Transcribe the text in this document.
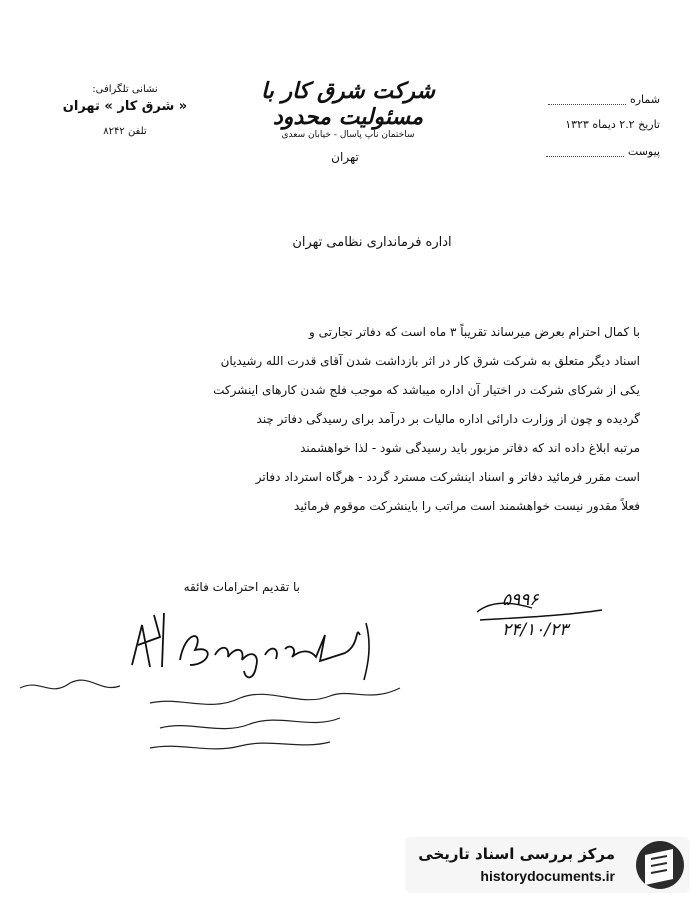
شرکت شرق کار با مسئولیت محدود
ساختمان ناپ پاسال - خیابان سعدی
تهران
نشانی تلگرافی:
« شرق کار » تهران
تلفن ۸۲۴۲
شماره
تاریخ ۲.۲ دیماه ۱۳۲۳
پیوست
اداره فرمانداری نظامی تهران
با کمال احترام بعرض میرساند تقریباً ۳ ماه است که دفاتر تجارتی و
اسناد دیگر متعلق به شرکت شرق کار در اثر بازداشت شدن آقای قدرت الله رشیدیان
یکی از شرکای شرکت در اختیار آن اداره میباشد که موجب فلج شدن کارهای اینشرکت
گردیده و چون از وزارت دارائی اداره مالیات بر درآمد برای رسیدگی دفاتر چند
مرتبه ابلاغ داده اند که دفاتر مزبور باید رسیدگی شود - لذا خواهشمند
است مقرر فرمائید دفاتر و اسناد اینشرکت مسترد گردد - هرگاه استرداد دفاتر
فعلاً مقدور نیست خواهشمند است مراتب را باینشرکت موقوم فرمائید
با تقدیم احترامات فائقه
۵۹۹۶
۲۴/۱۰/۲۳
مرکز بررسی اسناد تاریخی
historydocuments.ir
